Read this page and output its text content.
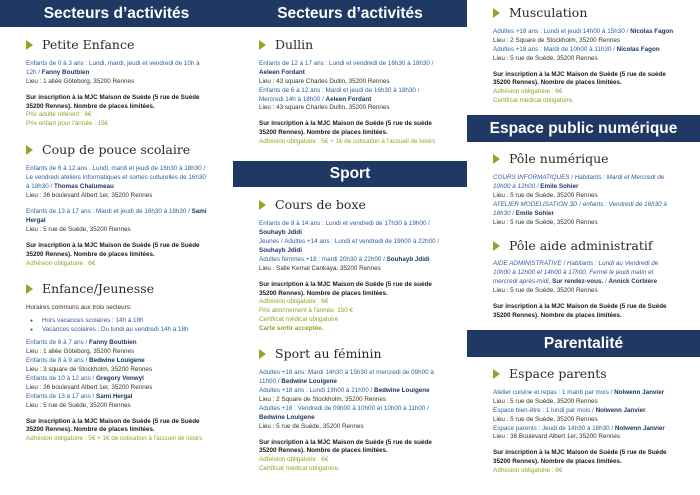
Secteurs d’activités
Petite Enfance

Enfants de 0 à 3 ans : Lundi, mardi, jeudi et vendredi de 10h à 12h / Fanny Boutbien

Lieu : 1 allée Göteborg, 35200 Rennes

Sur inscription à la MJC Maison de Suède (5 rue de Suède 35200 Rennes). Nombre de places limitées.

Prix adulte référent : 6€

Prix enfant pour l'année : 15€

Coup de pouce scolaire

Enfants de 6 à 12 ans : Lundi, mardi et jeudi de 16h30 à 18h30 / Le vendredi ateliers informatiques et sorties culturelles de 16h30 à 18h30 / Thomas Chalumeau

Lieu : 36 boulevard Albert 1er, 35200 Rennes

Enfants de 13 à 17 ans : Mardi et jeudi de 16h30 à 18h30 / Sami Hergal

Lieu : 5 rue de Suède, 35200 Rennes

Sur inscription à la MJC Maison de Suède (5 rue de Suède 35200 Rennes). Nombre de places limitées.

Adhésion obligatoire : 6€

Enfance/Jeunesse

Horaires communs aux trois secteurs:

● Hors vacances scolaires : 14h à 18h
● Vacances scolaires : Du lundi au vendredi 14h à 18h

Enfants de 6 à 7 ans / Fanny Boutbien

Lieu : 1 allée Göteborg, 35200 Rennes

Enfants de 8 à 9 ans / Bedwine Louigene

Lieu : 3 square de Stockholm, 35200 Rennes

Enfants de 10 à 12 ans / Gregory Vonwyl

Lieu : 36 boulevard Albert 1er, 35200 Rennes

Enfants de 13 à 17 ans / Sami Hergal

Lieu : 5 rue de Suède, 35200 Rennes

Sur inscription à la MJC Maison de Suède (5 rue de Suède 35200 Rennes). Nombre de places limitées.

Adhésion obligatoire : 5€ + 1€ de cotisation à l'accueil de loisirs

Secteurs d’activités
Dullin

Enfants de 12 à 17 ans : Lundi et vendredi de 16h30 à 18h30 / Aeleen Fordant

Lieu : 43 square Charles Dullin, 35200 Rennes

Enfants de 6 à 12 ans : Mardi et jeudi de 16h30 à 18h30 / Mercredi 14h à 18h00 / Aeleen Fordant

Lieu : 43 square Charles Dullin, 35200 Rennes

Sur inscription à la MJC Maison de Suède (5 rue de suède 35200 Rennes). Nombre de places limitées.

Adhésion obligatoire : 5€ + 1€ de cotisation à l'accueil de loisirs

Sport
Cours de boxe

Enfants de 8 à 14 ans : Lundi et vendredi de 17h30 à 19h00 / Souhayb Jdidi

Jeunes / Adultes +14 ans : Lundi et vendredi de 19h00 à 22h00 / Souhayb Jdidi

Adultes femmes +18 : mardi 20h30 à 22h00 / Souhayb Jdidi

Lieu : Salle Kemal Cankaya, 35200 Rennes

Sur inscription à la MJC Maison de Suède (5 rue de suède 35200 Rennes). Nombre de places limitées.

Adhésion obligatoire : 6€

Prix abonnement à l'année: 150 €

Certificat médical obligatoire

Carte sortir acceptée.

Sport au féminin

Adultes +18 ans: Mardi 14h30 à 15h30 et mercredi de 09h00 à 11h00 / Bedwine Louigene

Adultes +18 ans : Lundi 19h00 à 21h00 / Bedwine Louigene

Lieu : 2 Square de Stockholm, 35200 Rennes

Adultes +18 : Vendredi de 09h00 à 10h00 et 10h00 à 11h00 / Bedwine Louigene

Lieu : 5 rue de Suède, 35200 Rennes

Sur inscription à la MJC Maison de Suède (5 rue de suède 35200 Rennes). Nombre de places limitées.

Adhésion obligatoire : 6€

Certificat médical obligatoire.

Musculation

Adultes +18 ans : Lundi et jeudi 14h00 à 15h30 / Nicolas Fagon

Lieu : 2 Square de Stockholm, 35200 Rennes

Adultes +18 ans : Mardi de 10h00 à 11h30 / Nicolas Fagon

Lieu : 5 rue de Suède, 35200 Rennes

Sur inscription à la MJC Maison de Suède (5 rue de suède 35200 Rennes). Nombre de places limitées.

Adhésion obligatoire : 6€

Certificat médical obligatoire.

Espace public numérique
Pôle numérique

COURS INFORMATIQUES / Habitants : Mardi et Mercredi de 10h00 à 12h00 / Emile Sohier

Lieu : 5 rue de Suède, 35200 Rennes

ATELIER MODELISATION 3D / enfants : Vendredi de 16h30 à 18h30 / Emile Sohier

Lieu : 5 rue de Suède, 35200 Rennes

Pôle aide administratif

AIDE ADMINISTRATIVE / Habitants : Lundi au Vendredi de 10h00 à 12h00 et 14h00 à 17h00. Fermé le jeudi matin et mercredi après-midi. Sur rendez-vous. / Annick Corbière

Lieu : 5 rue de Suède, 35200 Rennes

Sur inscription à la MJC Maison de Suède (5 rue de Suède 35200 Rennes). Nombre de places limitées.

Parentalité
Espace parents

Atelier cuisine et repas : 1 mardi par mois / Nolwenn Janvier

Lieu : 5 rue de Suède, 35200 Rennes

Espace bien-être : 1 lundi par mois / Nolwenn Janvier

Lieu : 5 rue de Suède, 35200 Rennes

Espace parents : Jeudi de 14h30 à 16h30 / Nolwenn Janvier

Lieu : 36 Boulevard Albert 1er, 35200 Rennes

Sur inscription à la MJC Maison de Suède (5 rue de Suède 35200 Rennes). Nombre de places limitées.

Adhésion obligatoire : 6€
